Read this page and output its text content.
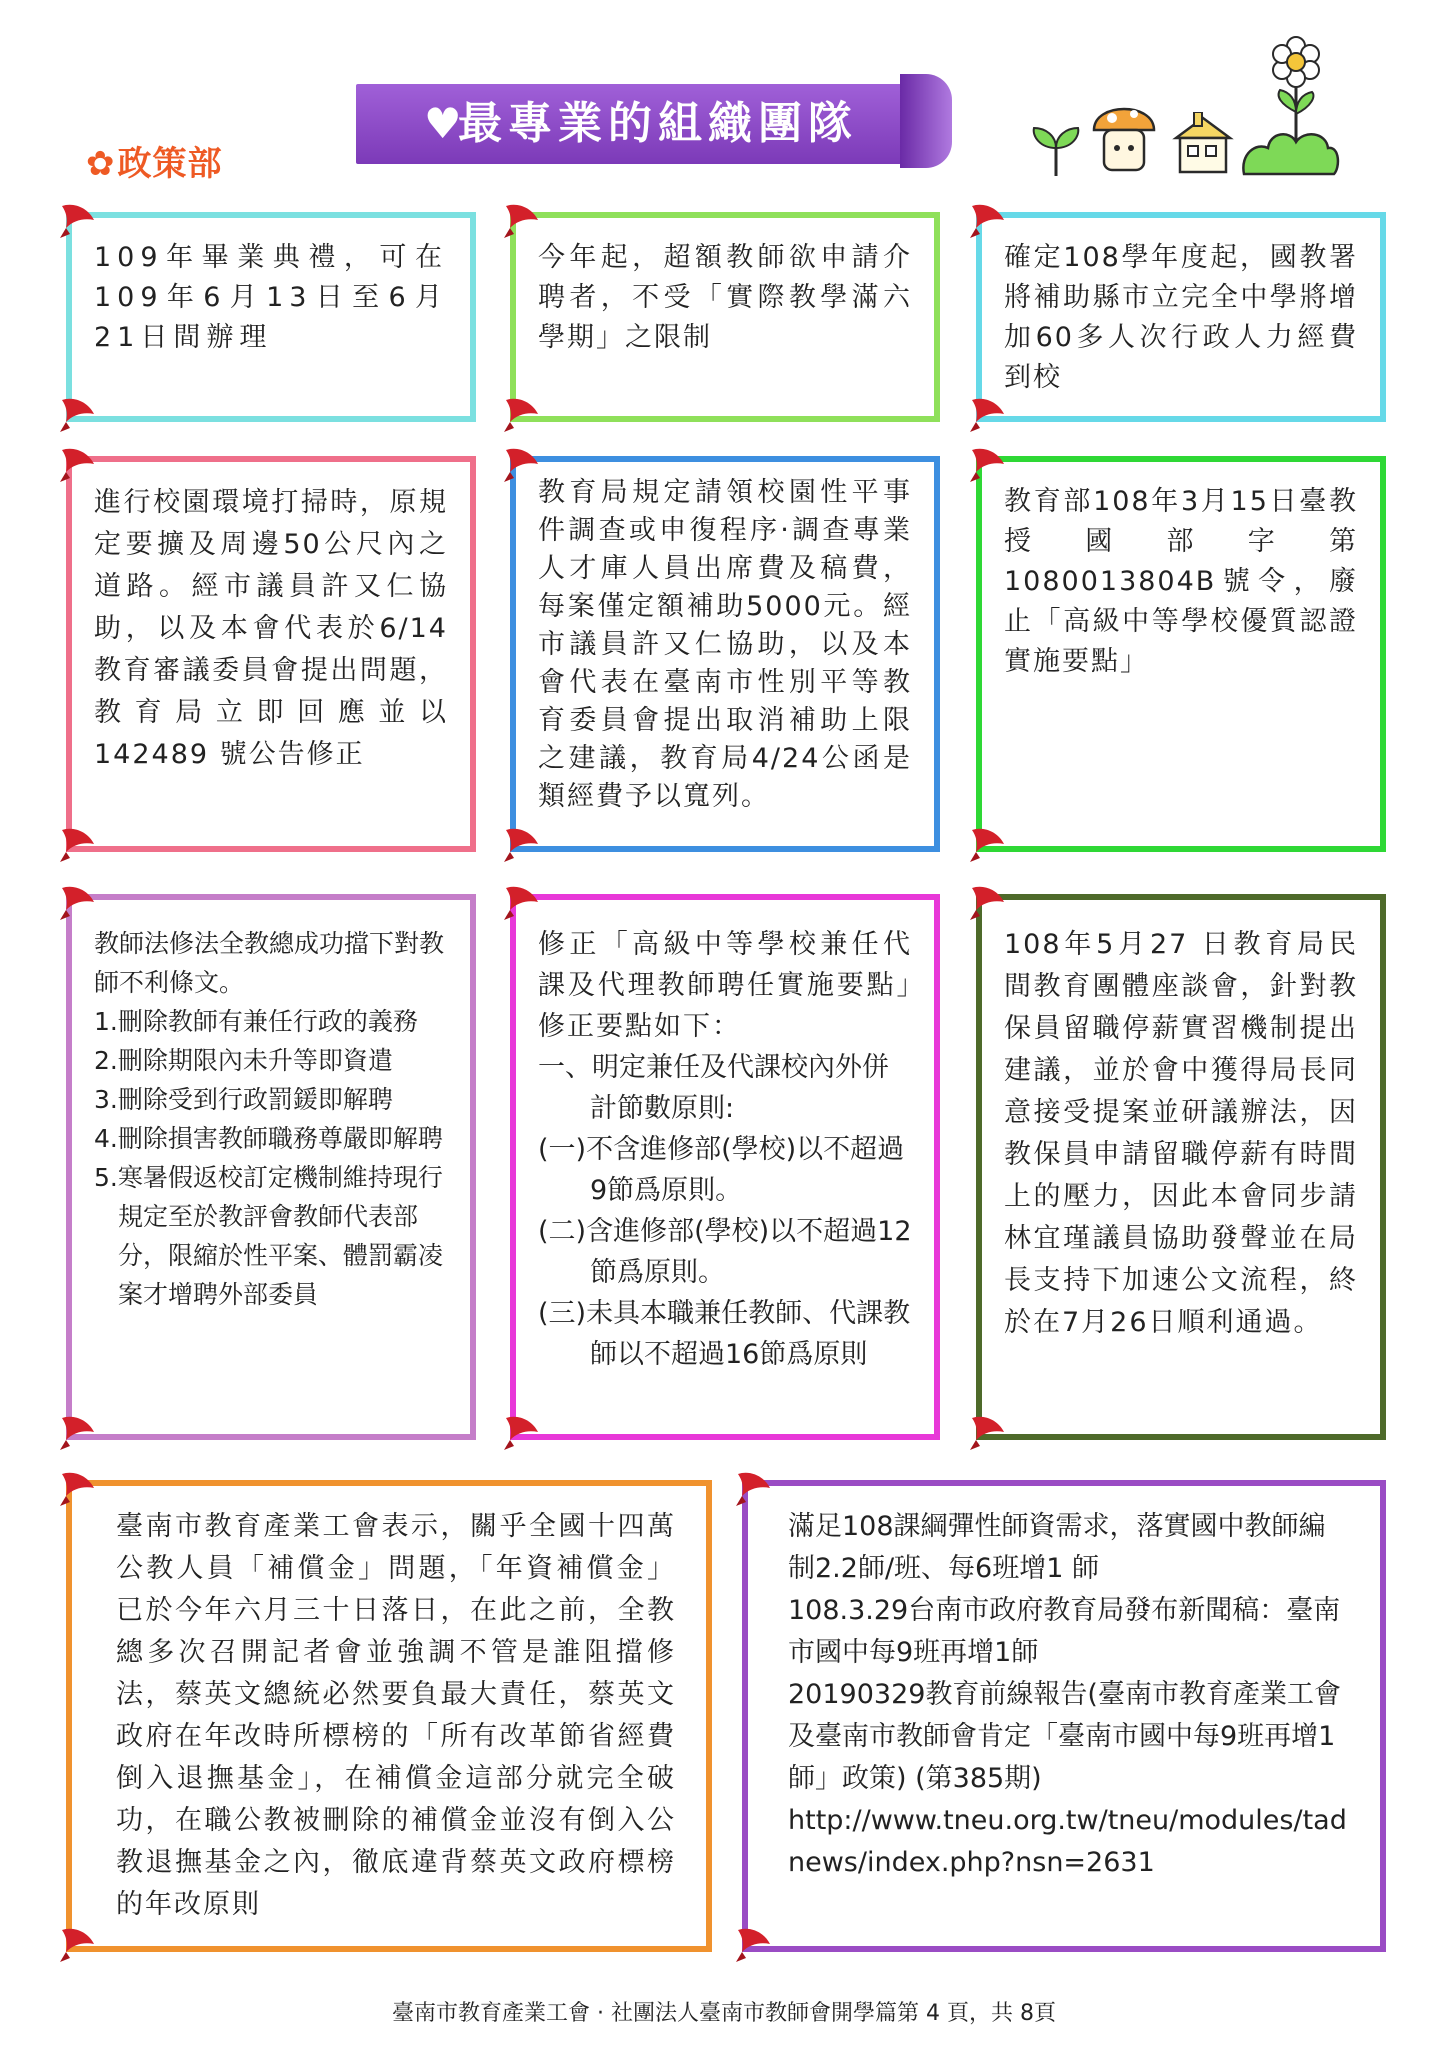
✿政策部
♥
最專業的組織團隊

109年畢業典禮，可在109年6月13日至6月21日間辦理

今年起，超額教師欲申請介聘者，不受「實際教學滿六學期」之限制

確定108學年度起，國教署將補助縣市立完全中學將增加60多人次行政人力經費到校

進行校園環境打掃時，原規定要擴及周邊50公尺內之道路。經市議員許又仁協助，以及本會代表於6/14教育審議委員會提出問題，教育局立即回應並以 142489 號公告修正

教育局規定請領校園性平事件調查或申復程序‧調查專業人才庫人員出席費及稿費，每案僅定額補助5000元。經市議員許又仁協助，以及本會代表在臺南市性別平等教育委員會提出取消補助上限之建議，教育局4/24公函是類經費予以寬列。

教育部108年3月15日臺教授國部字第1080013804B號令，廢止「高級中等學校優質認證實施要點」

教師法修法全教總成功擋下對教師不利條文。

1.刪除教師有兼任行政的義務

2.刪除期限內未升等即資遣

3.刪除受到行政罰鍰即解聘

4.刪除損害教師職務尊嚴即解聘

5.寒暑假返校訂定機制維持現行規定至於教評會教師代表部分，限縮於性平案、體罰霸凌案才增聘外部委員

修正「高級中等學校兼任代課及代理教師聘任實施要點」修正要點如下：

一、明定兼任及代課校內外併計節數原則:

(一)不含進修部(學校)以不超過9節爲原則。

(二)含進修部(學校)以不超過12節爲原則。

(三)未具本職兼任教師、代課教師以不超過16節爲原則

108年5月27 日教育局民間教育團體座談會，針對教保員留職停薪實習機制提出建議，並於會中獲得局長同意接受提案並研議辦法，因教保員申請留職停薪有時間上的壓力，因此本會同步請林宜瑾議員協助發聲並在局長支持下加速公文流程，終於在7月26日順利通過。

臺南市教育產業工會表示，關乎全國十四萬公教人員「補償金」問題，「年資補償金」已於今年六月三十日落日，在此之前，全教總多次召開記者會並強調不管是誰阻擋修法，蔡英文總統必然要負最大責任，蔡英文政府在年改時所標榜的「所有改革節省經費倒入退撫基金」，在補償金這部分就完全破功，在職公教被刪除的補償金並沒有倒入公教退撫基金之內，徹底違背蔡英文政府標榜的年改原則

滿足108課綱彈性師資需求，落實國中教師編制2.2師/班、每6班增1 師

108.3.29台南市政府教育局發布新聞稿：臺南市國中每9班再增1師

20190329教育前線報告(臺南市教育產業工會及臺南市教師會肯定「臺南市國中每9班再增1師」政策) (第385期)

http://www.tneu.org.tw/tneu/modules/tadnews/index.php?nsn=2631

臺南市教育產業工會 · 社團法人臺南市教師會開學篇第 4 頁，共 8頁
